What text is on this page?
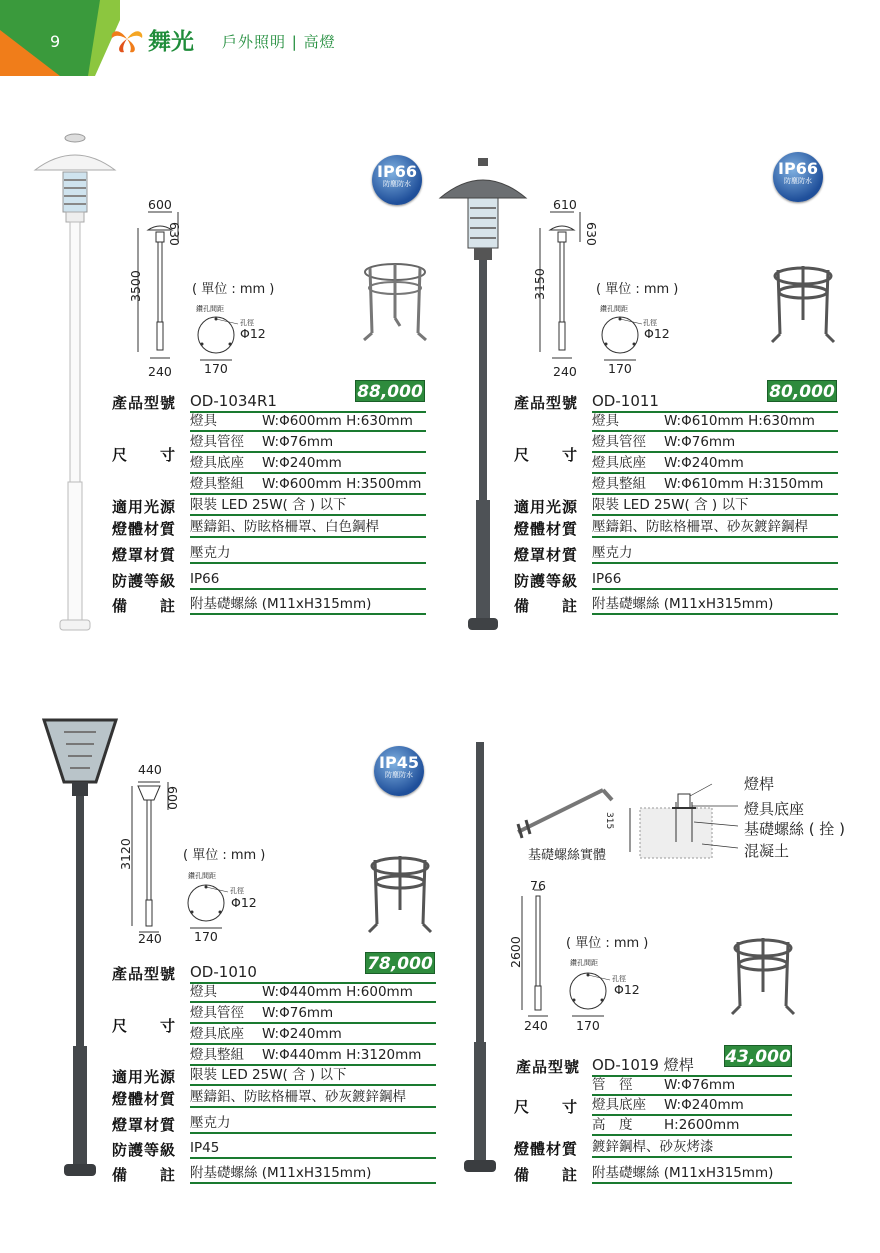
9	舞光 戶外照明 | 高燈
IP66
防塵防水
600
630
3500
240
( 單位 : mm )
鑽孔間距
孔徑
Φ12
170
產品型號 OD-1034R1	88,000
尺　　寸
燈具	W:Φ600mm H:630mm
燈具管徑 W:Φ76mm
燈具底座 W:Φ240mm
燈具整組 W:Φ600mm H:3500mm
適用光源 限裝 LED 25W( 含 ) 以下
燈體材質 壓鑄鋁、防眩格柵罩、白色鋼桿
燈罩材質 壓克力
防護等級 IP66
備　　註 附基礎螺絲 (M11xH315mm)
IP66
防塵防水
610
630
3150
240
( 單位 : mm )
鑽孔間距
孔徑
Φ12
170
產品型號 OD-1011	80,000
尺　　寸
燈具	W:Φ610mm H:630mm
燈具管徑 W:Φ76mm
燈具底座 W:Φ240mm
燈具整組 W:Φ610mm H:3150mm
適用光源 限裝 LED 25W( 含 ) 以下
燈體材質 壓鑄鋁、防眩格柵罩、砂灰鍍鋅鋼桿
燈罩材質 壓克力
防護等級 IP66
備　　註 附基礎螺絲 (M11xH315mm)
IP45
防塵防水
440
600
3120
240
( 單位 : mm )
鑽孔間距
孔徑
Φ12
170
產品型號 OD-1010	78,000
尺　　寸
燈具	W:Φ440mm H:600mm
燈具管徑 W:Φ76mm
燈具底座 W:Φ240mm
燈具整組 W:Φ440mm H:3120mm
適用光源 限裝 LED 25W( 含 ) 以下
燈體材質 壓鑄鋁、防眩格柵罩、砂灰鍍鋅鋼桿
燈罩材質 壓克力
防護等級 IP45
備　　註 附基礎螺絲 (M11xH315mm)
基礎螺絲實體
315
燈桿
燈具底座
基礎螺絲 ( 拴 )
混凝土
76
2600
240
( 單位 : mm )
鑽孔間距
孔徑
Φ12
170
產品型號 OD-1019 燈桿	43,000
尺　　寸
管　徑 W:Φ76mm
燈具底座 W:Φ240mm
高　度 H:2600mm
燈體材質 鍍鋅鋼桿、砂灰烤漆
備　　註 附基礎螺絲 (M11xH315mm)
